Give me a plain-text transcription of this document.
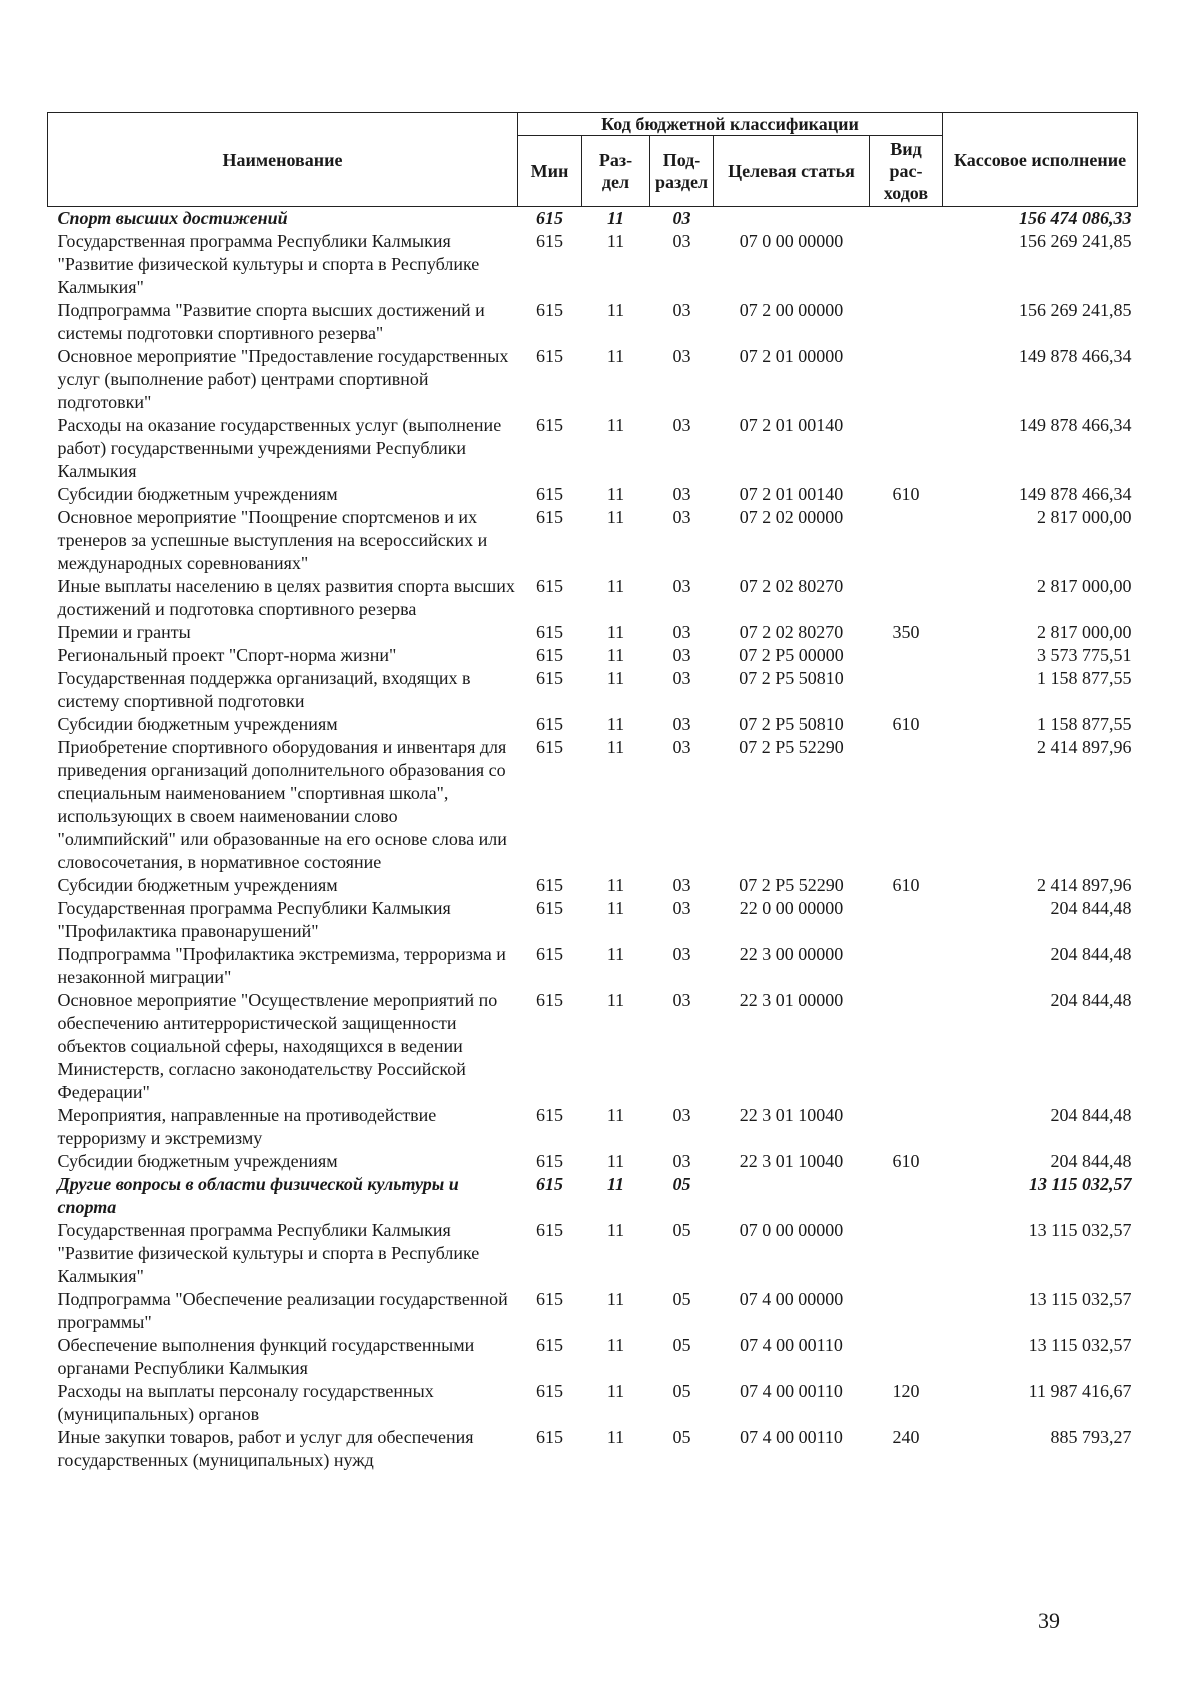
Наименование	Код бюджетной классификации					Кассовое исполнение
	Мин	Раз- дел	Под- раздел	Целевая статья	Вид рас- ходов	
Спорт высших достижений	615	11	03			156 474 086,33
Государственная программа Республики Калмыкия "Развитие физической культуры и спорта в Республике Калмыкия"	615	11	03	07 0 00 00000		156 269 241,85
Подпрограмма "Развитие спорта высших достижений и системы подготовки спортивного резерва"	615	11	03	07 2 00 00000		156 269 241,85
Основное мероприятие "Предоставление государственных услуг (выполнение работ) центрами спортивной подготовки"	615	11	03	07 2 01 00000		149 878 466,34
Расходы на оказание государственных услуг (выполнение работ) государственными учреждениями Республики Калмыкия	615	11	03	07 2 01 00140		149 878 466,34
Субсидии бюджетным учреждениям	615	11	03	07 2 01 00140	610	149 878 466,34
Основное мероприятие "Поощрение спортсменов и их тренеров за успешные выступления на всероссийских и международных соревнованиях"	615	11	03	07 2 02 00000		2 817 000,00
Иные выплаты населению в целях развития спорта высших достижений и подготовка спортивного резерва	615	11	03	07 2 02 80270		2 817 000,00
Премии и гранты	615	11	03	07 2 02 80270	350	2 817 000,00
Региональный проект "Спорт-норма жизни"	615	11	03	07 2 P5 00000		3 573 775,51
Государственная поддержка организаций, входящих в систему спортивной подготовки	615	11	03	07 2 P5 50810		1 158 877,55
Субсидии бюджетным учреждениям	615	11	03	07 2 P5 50810	610	1 158 877,55
Приобретение спортивного оборудования и инвентаря для приведения организаций дополнительного образования со специальным наименованием "спортивная школа", использующих в своем наименовании слово "олимпийский" или образованные на его основе слова или словосочетания, в нормативное состояние	615	11	03	07 2 P5 52290		2 414 897,96
Субсидии бюджетным учреждениям	615	11	03	07 2 P5 52290	610	2 414 897,96
Государственная программа Республики Калмыкия "Профилактика правонарушений"	615	11	03	22 0 00 00000		204 844,48
Подпрограмма "Профилактика экстремизма, терроризма и незаконной миграции"	615	11	03	22 3 00 00000		204 844,48
Основное мероприятие "Осуществление мероприятий по обеспечению антитеррористической защищенности объектов социальной сферы, находящихся в ведении Министерств, согласно законодательству Российской Федерации"	615	11	03	22 3 01 00000		204 844,48
Мероприятия, направленные на противодействие терроризму и экстремизму	615	11	03	22 3 01 10040		204 844,48
Субсидии бюджетным учреждениям	615	11	03	22 3 01 10040	610	204 844,48
Другие вопросы в области физической культуры и спорта	615	11	05			13 115 032,57
Государственная программа Республики Калмыкия "Развитие физической культуры и спорта в Республике Калмыкия"	615	11	05	07 0 00 00000		13 115 032,57
Подпрограмма "Обеспечение реализации государственной программы"	615	11	05	07 4 00 00000		13 115 032,57
Обеспечение выполнения функций государственными органами Республики Калмыкия	615	11	05	07 4 00 00110		13 115 032,57
Расходы на выплаты персоналу государственных (муниципальных) органов	615	11	05	07 4 00 00110	120	11 987 416,67
Иные закупки товаров, работ и услуг для обеспечения государственных (муниципальных) нужд	615	11	05	07 4 00 00110	240	885 793,27
39
